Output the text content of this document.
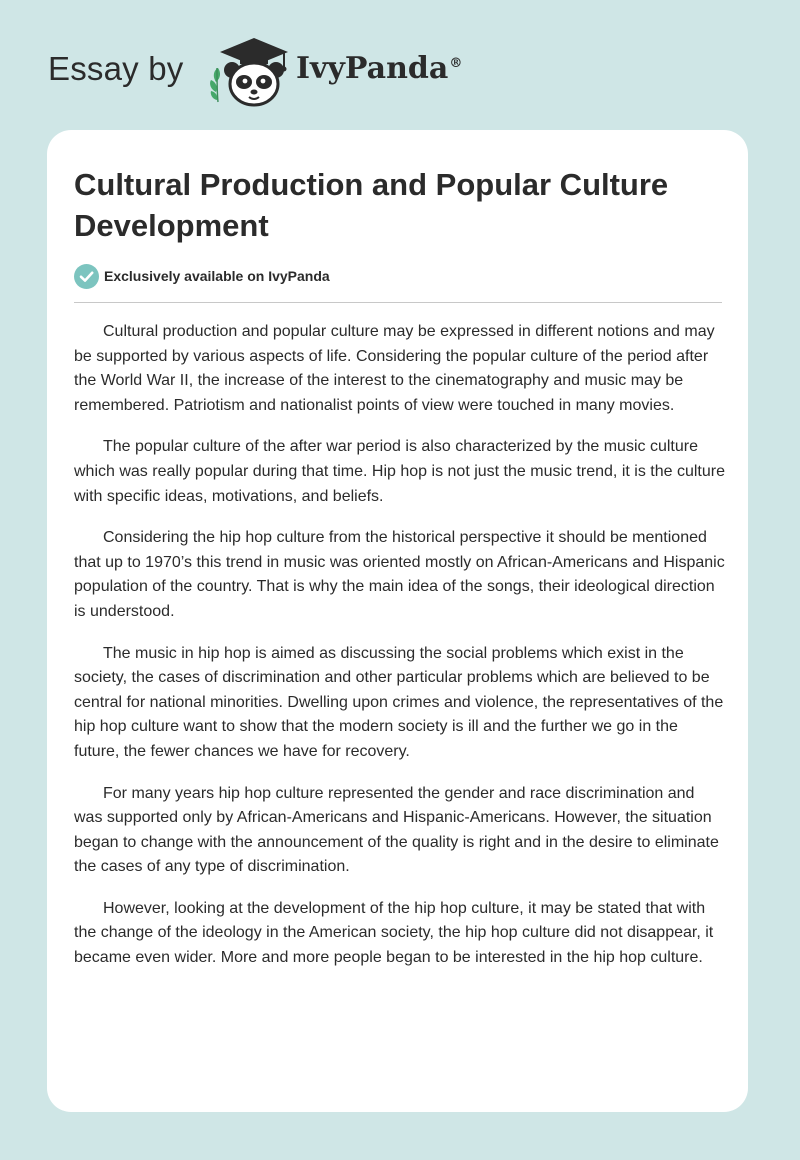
Essay by	IvyPanda®
Cultural Production and Popular Culture Development
Exclusively available on IvyPanda

Cultural production and popular culture may be expressed in different notions and may be supported by various aspects of life. Considering the popular culture of the period after the World War II, the increase of the interest to the cinematography and music may be remembered. Patriotism and nationalist points of view were touched in many movies.

The popular culture of the after war period is also characterized by the music culture which was really popular during that time. Hip hop is not just the music trend, it is the culture with specific ideas, motivations, and beliefs.

Considering the hip hop culture from the historical perspective it should be mentioned that up to 1970’s this trend in music was oriented mostly on African-Americans and Hispanic population of the country. That is why the main idea of the songs, their ideological direction is understood.

The music in hip hop is aimed as discussing the social problems which exist in the society, the cases of discrimination and other particular problems which are believed to be central for national minorities. Dwelling upon crimes and violence, the representatives of the hip hop culture want to show that the modern society is ill and the further we go in the future, the fewer chances we have for recovery.

For many years hip hop culture represented the gender and race discrimination and was supported only by African-Americans and Hispanic-Americans. However, the situation began to change with the announcement of the quality is right and in the desire to eliminate the cases of any type of discrimination.

However, looking at the development of the hip hop culture, it may be stated that with the change of the ideology in the American society, the hip hop culture did not disappear, it became even wider. More and more people began to be interested in the hip hop culture.
